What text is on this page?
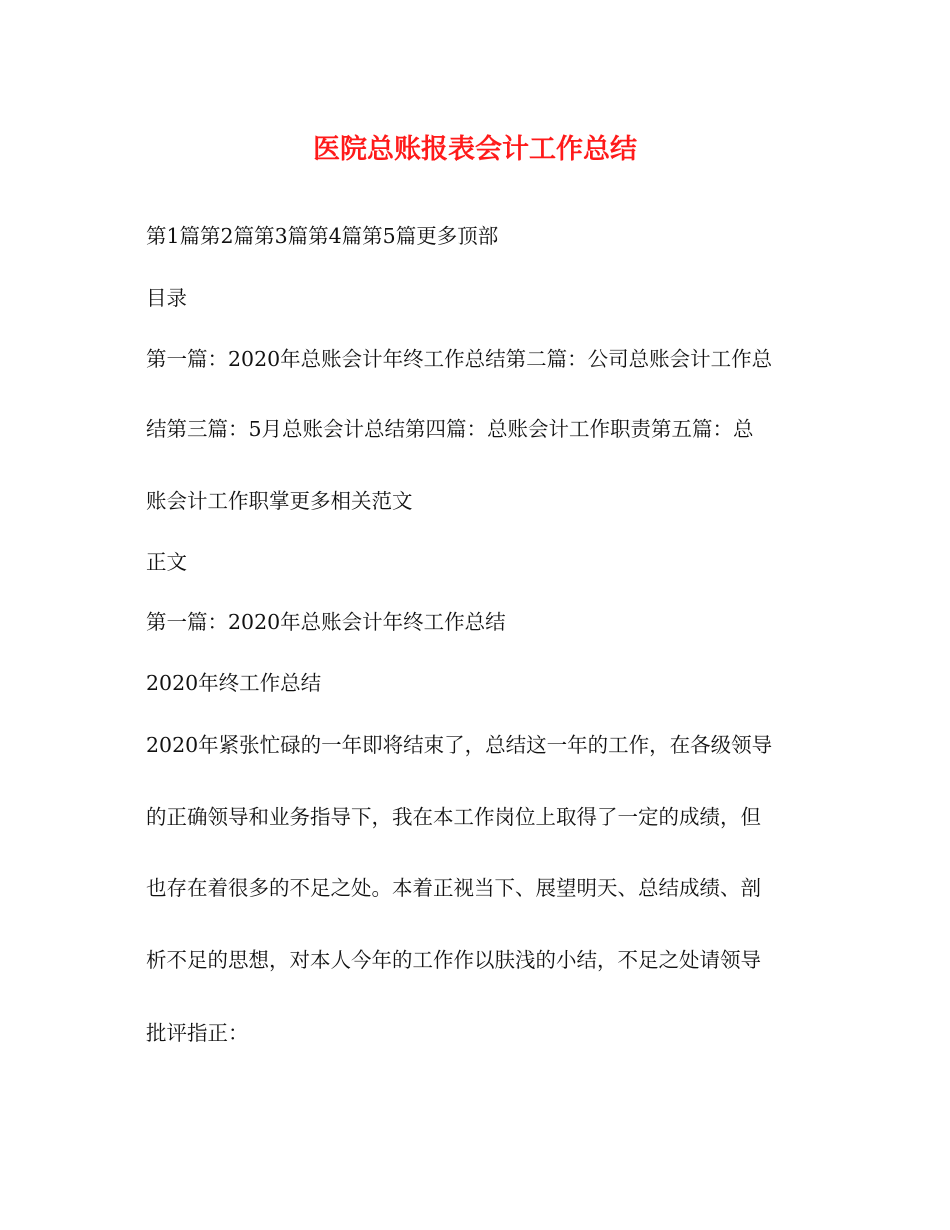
医院总账报表会计工作总结

第1篇第2篇第3篇第4篇第5篇更多顶部

目录

第一篇：2020年总账会计年终工作总结第二篇：公司总账会计工作总

结第三篇：5月总账会计总结第四篇：总账会计工作职责第五篇：总

账会计工作职掌更多相关范文

正文

第一篇：2020年总账会计年终工作总结

2020年终工作总结

2020年紧张忙碌的一年即将结束了，总结这一年的工作，在各级领导

的正确领导和业务指导下，我在本工作岗位上取得了一定的成绩，但

也存在着很多的不足之处。本着正视当下、展望明天、总结成绩、剖

析不足的思想，对本人今年的工作作以肤浅的小结，不足之处请领导

批评指正：
